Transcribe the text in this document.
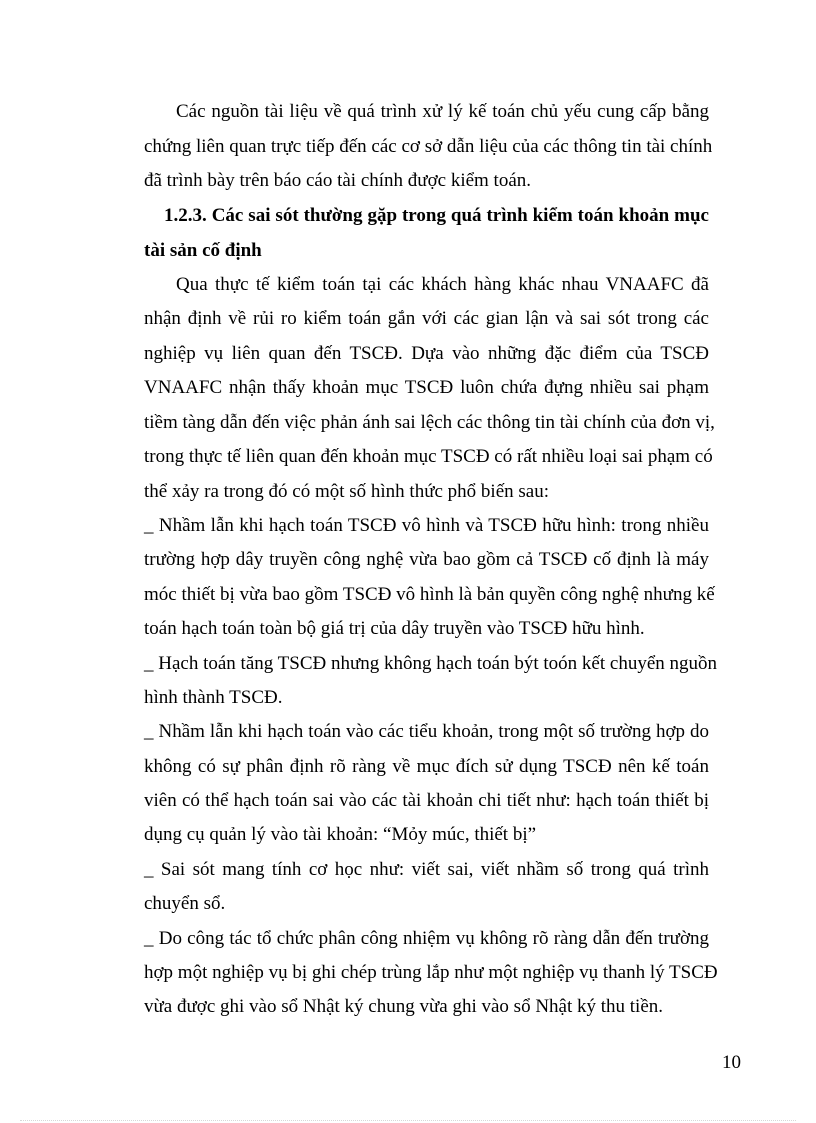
Các nguồn tài liệu về quá trình xử lý kế toán chủ yếu cung cấp bằng
chứng liên quan trực tiếp đến các cơ sở dẫn liệu của các thông tin tài chính
đã trình bày trên báo cáo tài chính được kiểm toán.
1.2.3. Các sai sót thường gặp trong quá trình kiểm toán khoản mục
tài sản cố định
Qua thực tế kiểm toán tại các khách hàng khác nhau VNAAFC đã
nhận định về rủi ro kiểm toán gắn với các gian lận và sai sót trong các
nghiệp vụ liên quan đến TSCĐ. Dựa vào những đặc điểm của TSCĐ
VNAAFC nhận thấy khoản mục TSCĐ luôn chứa đựng nhiều sai phạm
tiềm tàng dẫn đến việc phản ánh sai lệch các thông tin tài chính của đơn vị,
trong thực tế liên quan đến khoản mục TSCĐ có rất nhiều loại sai phạm có
thể xảy ra trong đó có một số hình thức phổ biến sau:
_ Nhầm lẫn khi hạch toán TSCĐ vô hình và TSCĐ hữu hình: trong nhiều
trường hợp dây truyền công nghệ vừa bao gồm cả TSCĐ cố định là máy
móc thiết bị vừa bao gồm TSCĐ vô hình là bản quyền công nghệ nhưng kế
toán hạch toán toàn bộ giá trị của dây truyền vào TSCĐ hữu hình.
_ Hạch toán tăng TSCĐ nhưng không hạch toán být toón kết chuyển nguồn
hình thành TSCĐ.
_ Nhầm lẫn khi hạch toán vào các tiểu khoản, trong một số trường hợp do
không có sự phân định rõ ràng về mục đích sử dụng TSCĐ nên kế toán
viên có thể hạch toán sai vào các tài khoản chi tiết như: hạch toán thiết bị
dụng cụ quản lý vào tài khoản: “Mỏy múc, thiết bị”
_ Sai sót mang tính cơ học như: viết sai, viết nhầm số trong quá trình
chuyển sổ.
_ Do công tác tổ chức phân công nhiệm vụ không rõ ràng dẫn đến trường
hợp một nghiệp vụ bị ghi chép trùng lắp như một nghiệp vụ thanh lý TSCĐ
vừa được ghi vào sổ Nhật ký chung vừa ghi vào sổ Nhật ký thu tiền.
10
